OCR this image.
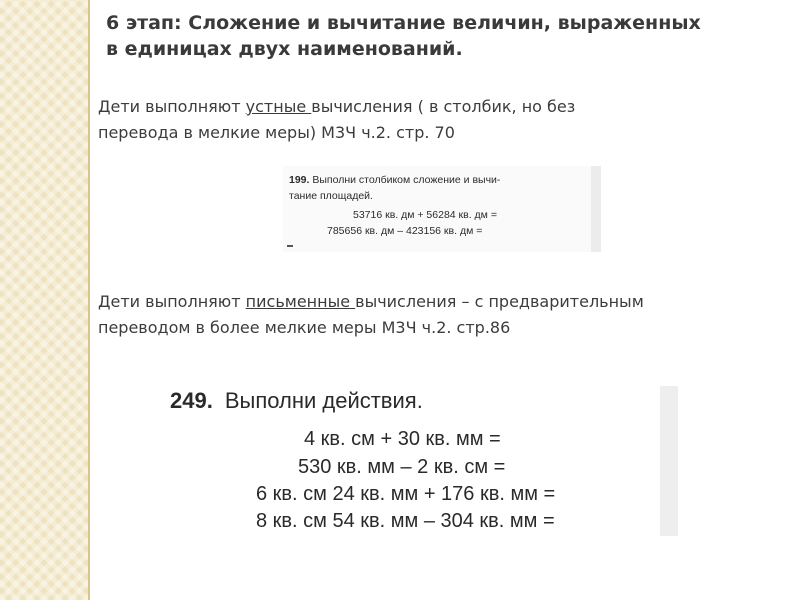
6 этап: Сложение и вычитание величин, выраженных
в единицах двух наименований.
Дети выполняют устные вычисления ( в столбик, но без
перевода в мелкие меры) М3Ч ч.2. стр. 70
199. Выполни столбиком сложение и вычи-
тание площадей.
53716 кв. дм + 56284 кв. дм =
785656 кв. дм – 423156 кв. дм =
Дети выполняют письменные вычисления – с предварительным
переводом в более мелкие меры М3Ч ч.2. стр.86
249. Выполни действия.
4 кв. см + 30 кв. мм =
530 кв. мм – 2 кв. см =
6 кв. см 24 кв. мм + 176 кв. мм =
8 кв. см 54 кв. мм – 304 кв. мм =
